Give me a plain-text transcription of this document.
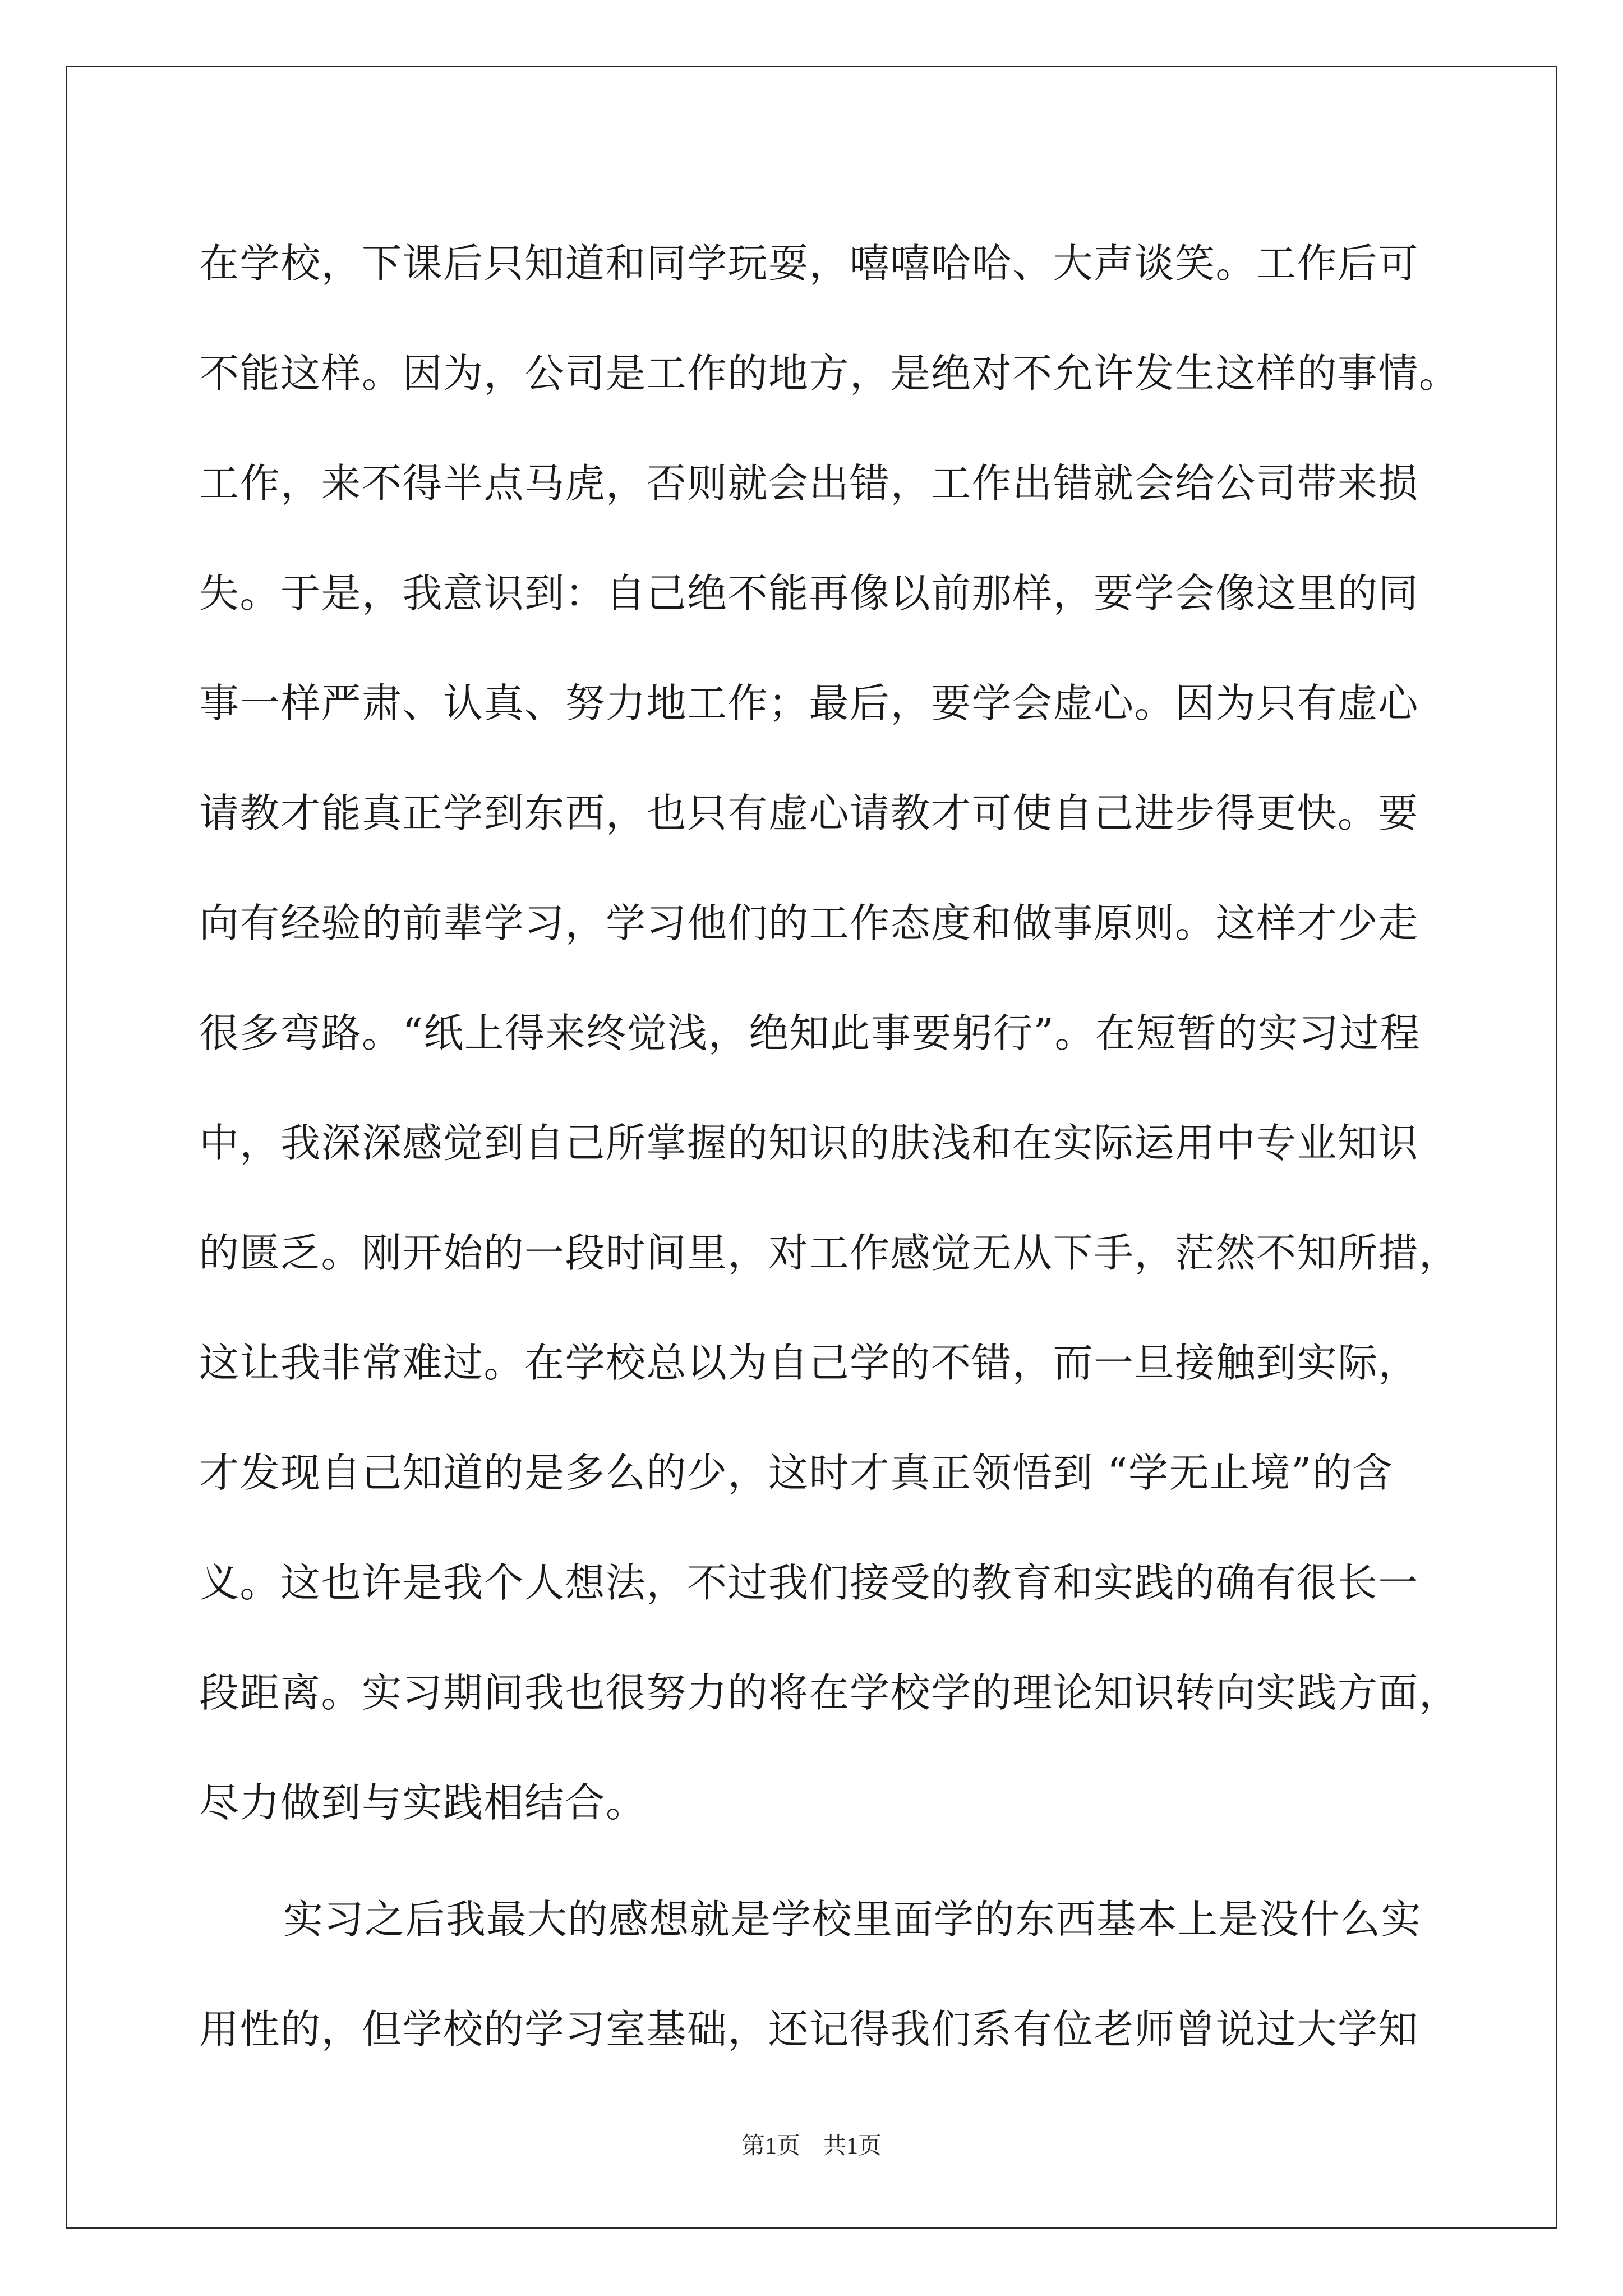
在学校，下课后只知道和同学玩耍，嘻嘻哈哈、大声谈笑。工作后可
不能这样。因为，公司是工作的地方，是绝对不允许发生这样的事情。
工作，来不得半点马虎，否则就会出错，工作出错就会给公司带来损
失。于是，我意识到：自己绝不能再像以前那样，要学会像这里的同
事一样严肃、认真、努力地工作；最后，要学会虚心。因为只有虚心
请教才能真正学到东西，也只有虚心请教才可使自己进步得更快。要
向有经验的前辈学习，学习他们的工作态度和做事原则。这样才少走
很多弯路。“纸上得来终觉浅，绝知此事要躬行”。在短暂的实习过程
中，我深深感觉到自己所掌握的知识的肤浅和在实际运用中专业知识
的匮乏。刚开始的一段时间里，对工作感觉无从下手，茫然不知所措，
这让我非常难过。在学校总以为自己学的不错，而一旦接触到实际，
才发现自己知道的是多么的少，这时才真正领悟到 “学无止境”的含
义。这也许是我个人想法，不过我们接受的教育和实践的确有很长一
段距离。实习期间我也很努力的将在学校学的理论知识转向实践方面，
尽力做到与实践相结合。
实习之后我最大的感想就是学校里面学的东西基本上是没什么实
用性的，但学校的学习室基础，还记得我们系有位老师曾说过大学知
第1页 共1页
